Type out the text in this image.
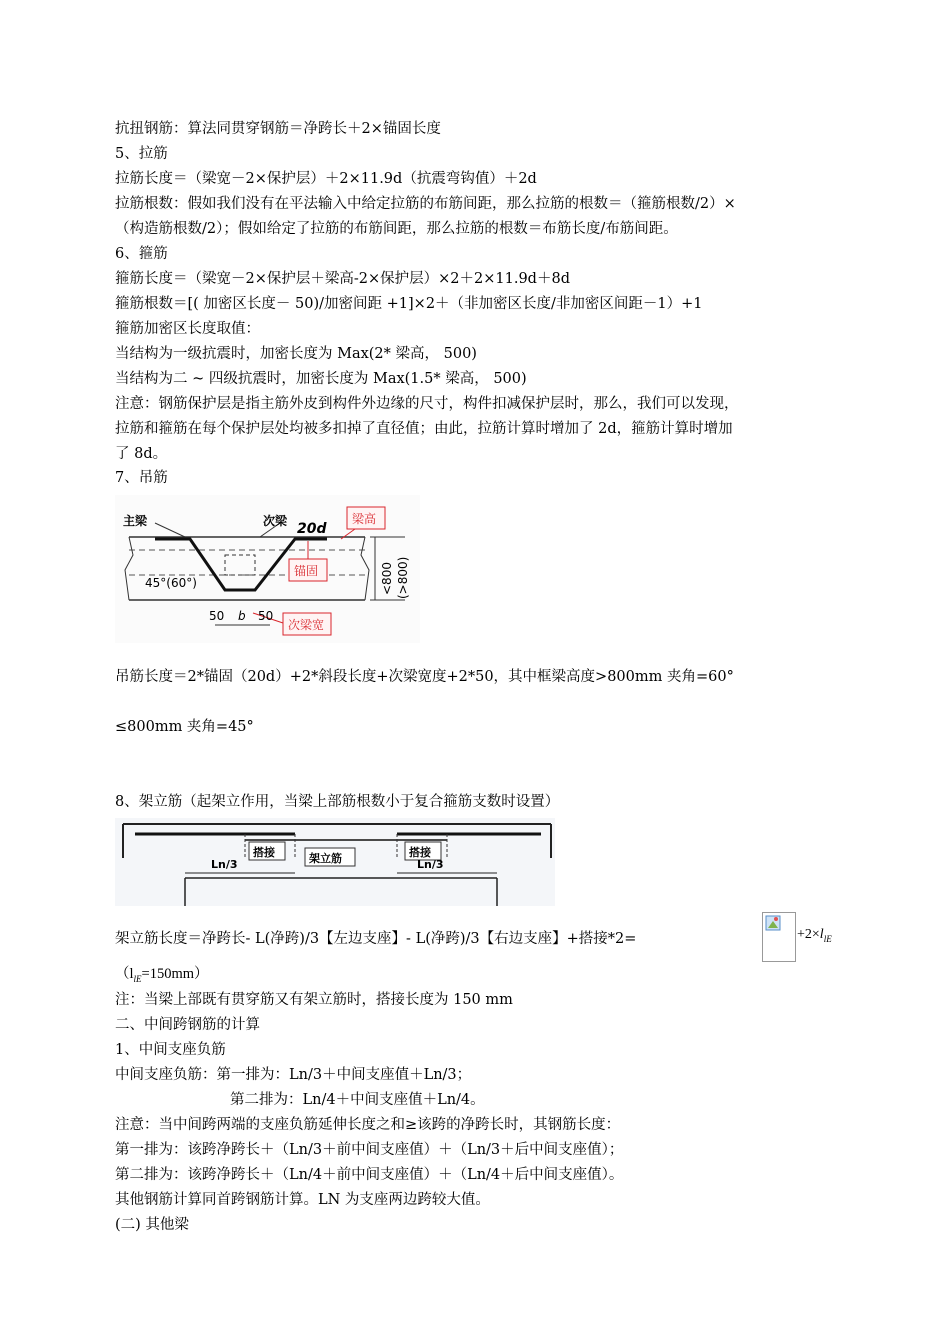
抗扭钢筋：算法同贯穿钢筋＝净跨长＋2×锚固长度
5、拉筋
拉筋长度＝（梁宽－2×保护层）＋2×11.9d（抗震弯钩值）＋2d
拉筋根数：假如我们没有在平法输入中给定拉筋的布筋间距，那么拉筋的根数＝（箍筋根数/2）×
（构造筋根数/2）；假如给定了拉筋的布筋间距，那么拉筋的根数＝布筋长度/布筋间距。
6、箍筋
箍筋长度＝（梁宽－2×保护层＋梁高-2×保护层）×2＋2×11.9d＋8d
箍筋根数＝[( 加密区长度－ 50)/加密间距 +1]×2＋（非加密区长度/非加密区间距－1）+1
箍筋加密区长度取值：
当结构为一级抗震时，加密长度为 Max(2* 梁高， 500)
当结构为二 ~ 四级抗震时，加密长度为 Max(1.5* 梁高， 500)
注意：钢筋保护层是指主筋外皮到构件外边缘的尺寸，构件扣减保护层时，那么，我们可以发现，
拉筋和箍筋在每个保护层处均被多扣掉了直径值；由此，拉筋计算时增加了 2d，箍筋计算时增加
了 8d。
7、吊筋
主梁	次梁 20d
45°(60°)
梁高
锚固
次梁宽
<800 (>800)
50 b 50
吊筋长度＝2*锚固（20d）+2*斜段长度+次梁宽度+2*50，其中框梁高度>800mm 夹角=60°
≤800mm 夹角=45°
8、架立筋（起架立作用，当梁上部筋根数小于复合箍筋支数时设置）
搭接	架立筋	搭接
Ln/3	Ln/3
架立筋长度＝净跨长- L(净跨)/3【左边支座】- L(净跨)/3【右边支座】+搭接*2=	$+2\times l_{lE}$
$(l_{lE}=150mm)$
注：当梁上部既有贯穿筋又有架立筋时，搭接长度为 150 mm
二、中间跨钢筋的计算
1、中间支座负筋
中间支座负筋：第一排为：Ln/3＋中间支座值＋Ln/3；
第二排为：Ln/4＋中间支座值＋Ln/4。
注意：当中间跨两端的支座负筋延伸长度之和≥该跨的净跨长时，其钢筋长度：
第一排为：该跨净跨长＋（Ln/3＋前中间支座值）＋（Ln/3＋后中间支座值）；
第二排为：该跨净跨长＋（Ln/4＋前中间支座值）＋（Ln/4＋后中间支座值）。
其他钢筋计算同首跨钢筋计算。LN 为支座两边跨较大值。
(二) 其他梁
